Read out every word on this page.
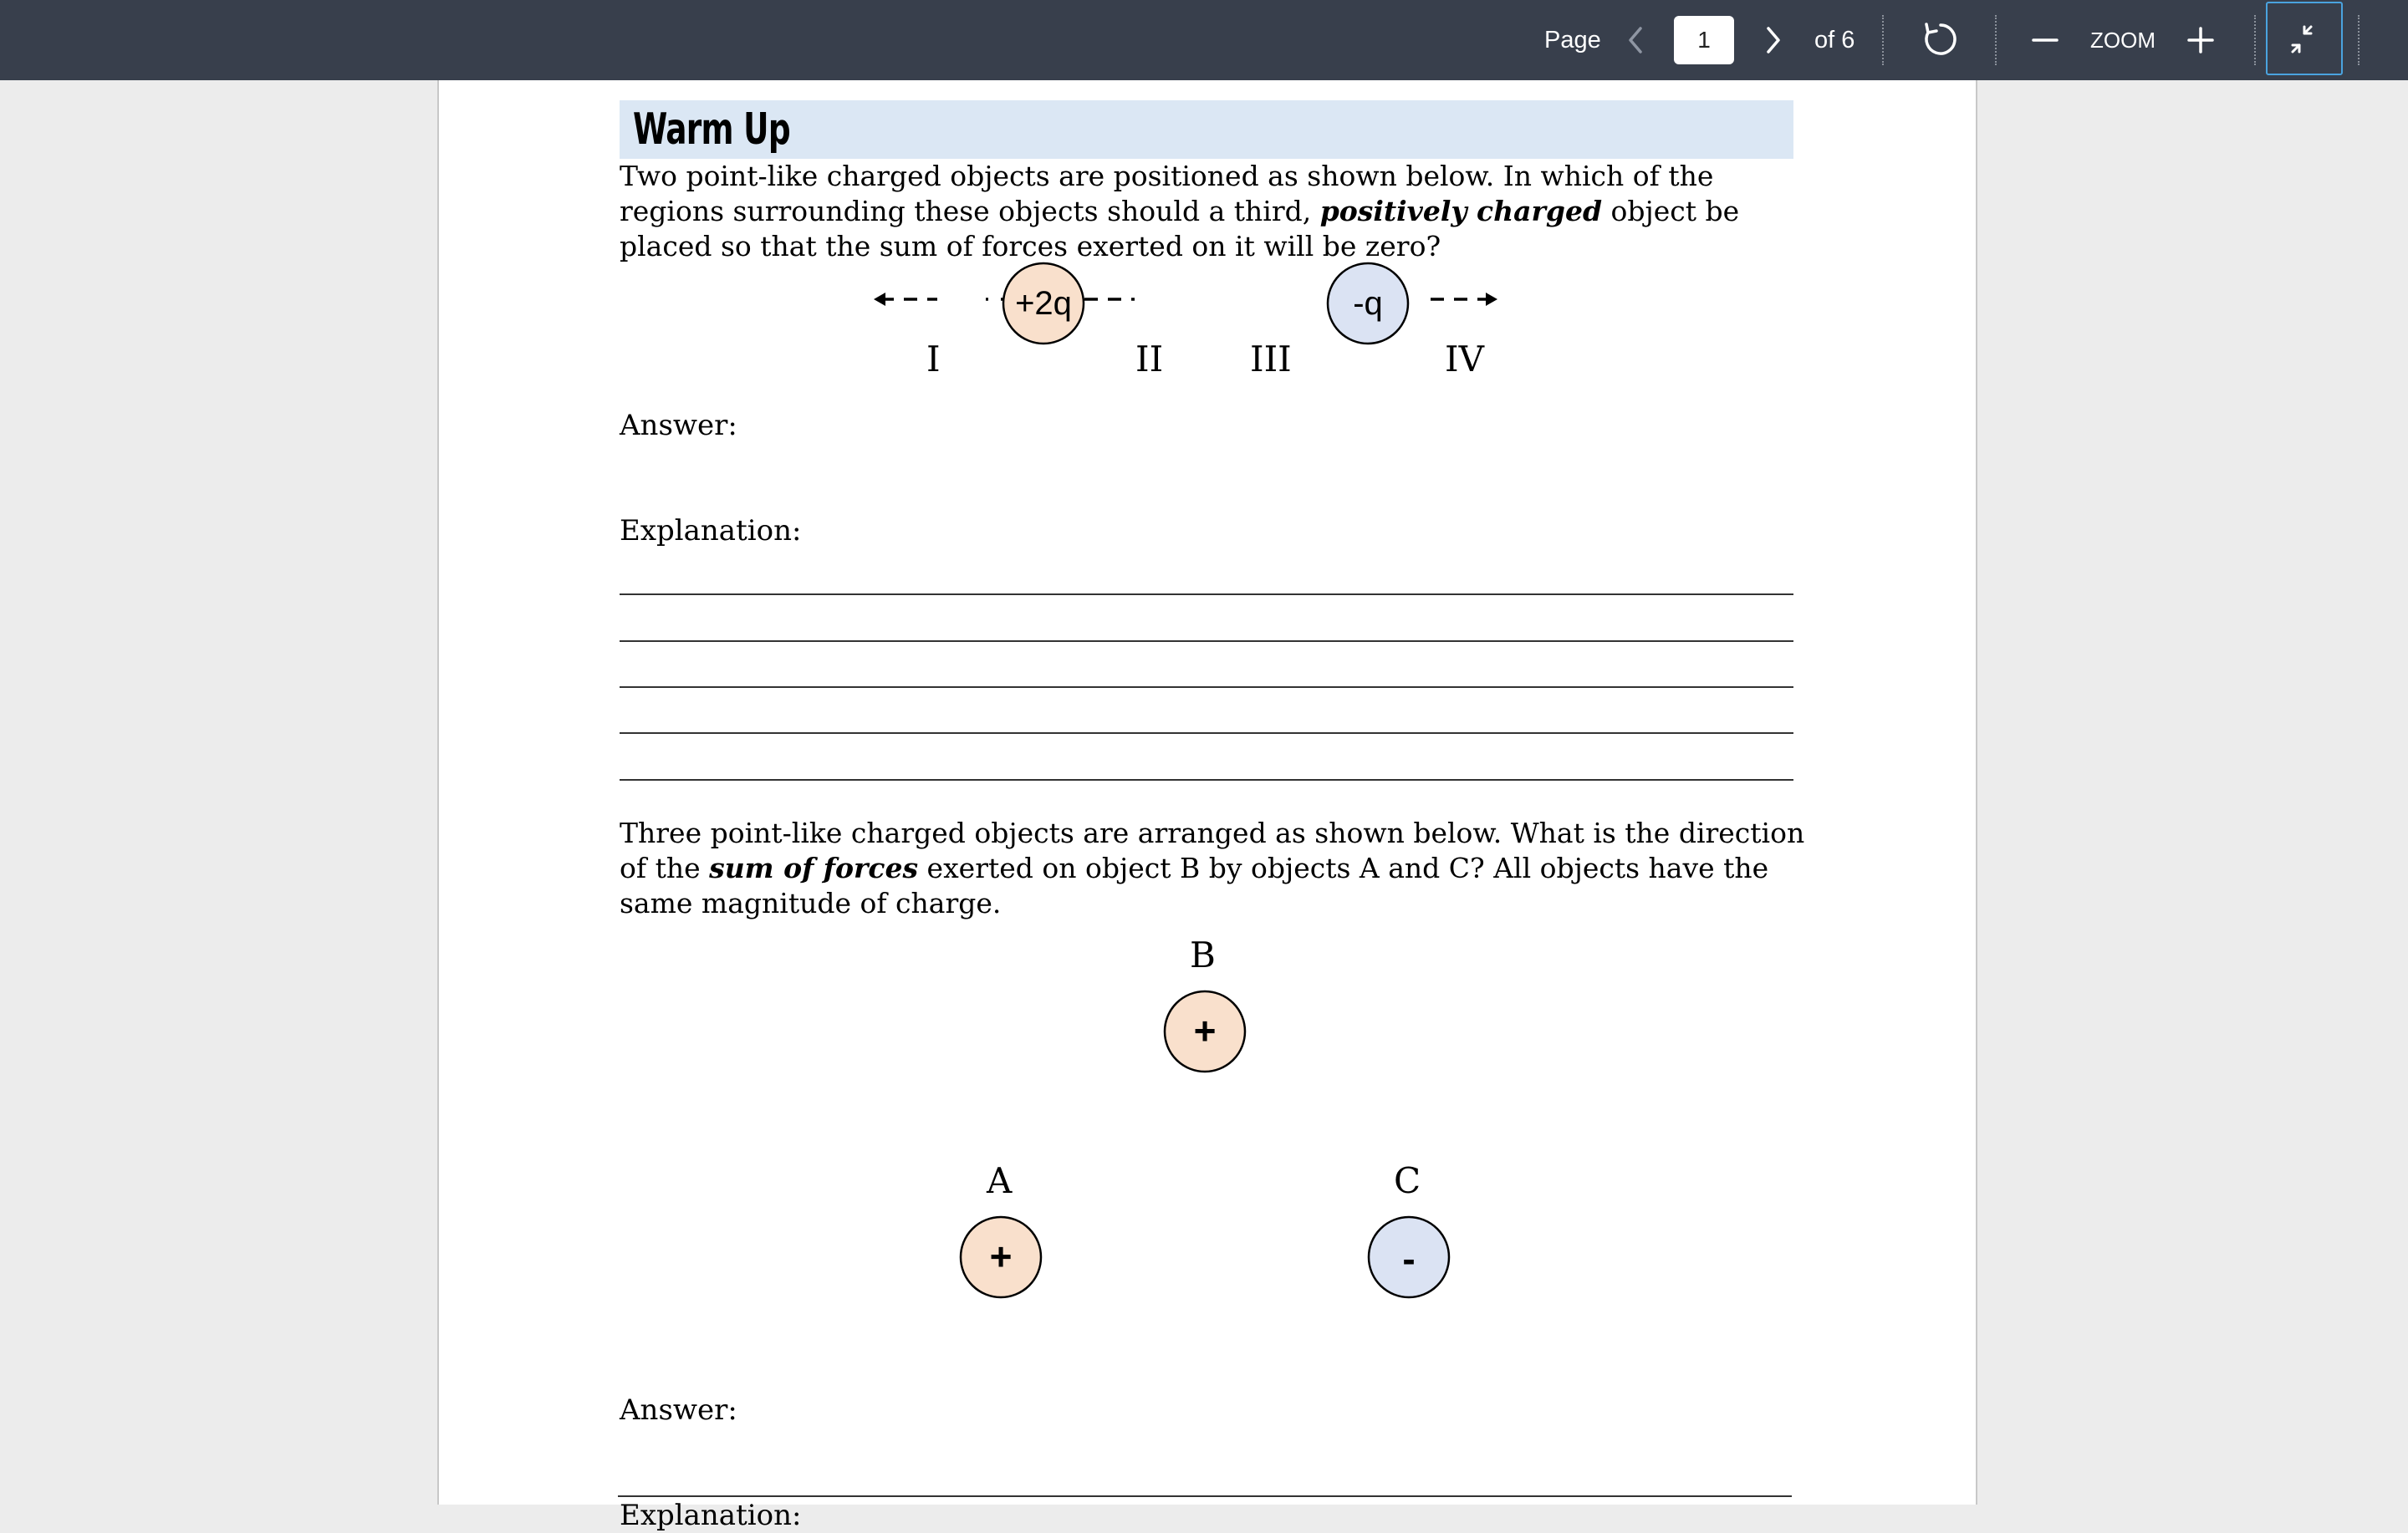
Page
1	of 6	ZOOM
Warm Up
Two point-like charged objects are positioned as shown below. In which of the regions surrounding these objects should a third, positively charged object be placed so that the sum of forces exerted on it will be zero?
+2q	-q
I	II III	IV
Answer:
Explanation:
Three point-like charged objects are arranged as shown below. What is the direction of the sum of forces exerted on object B by objects A and C? All objects have the same magnitude of charge.
B
+
A
+
C
-
Answer:
Explanation:
